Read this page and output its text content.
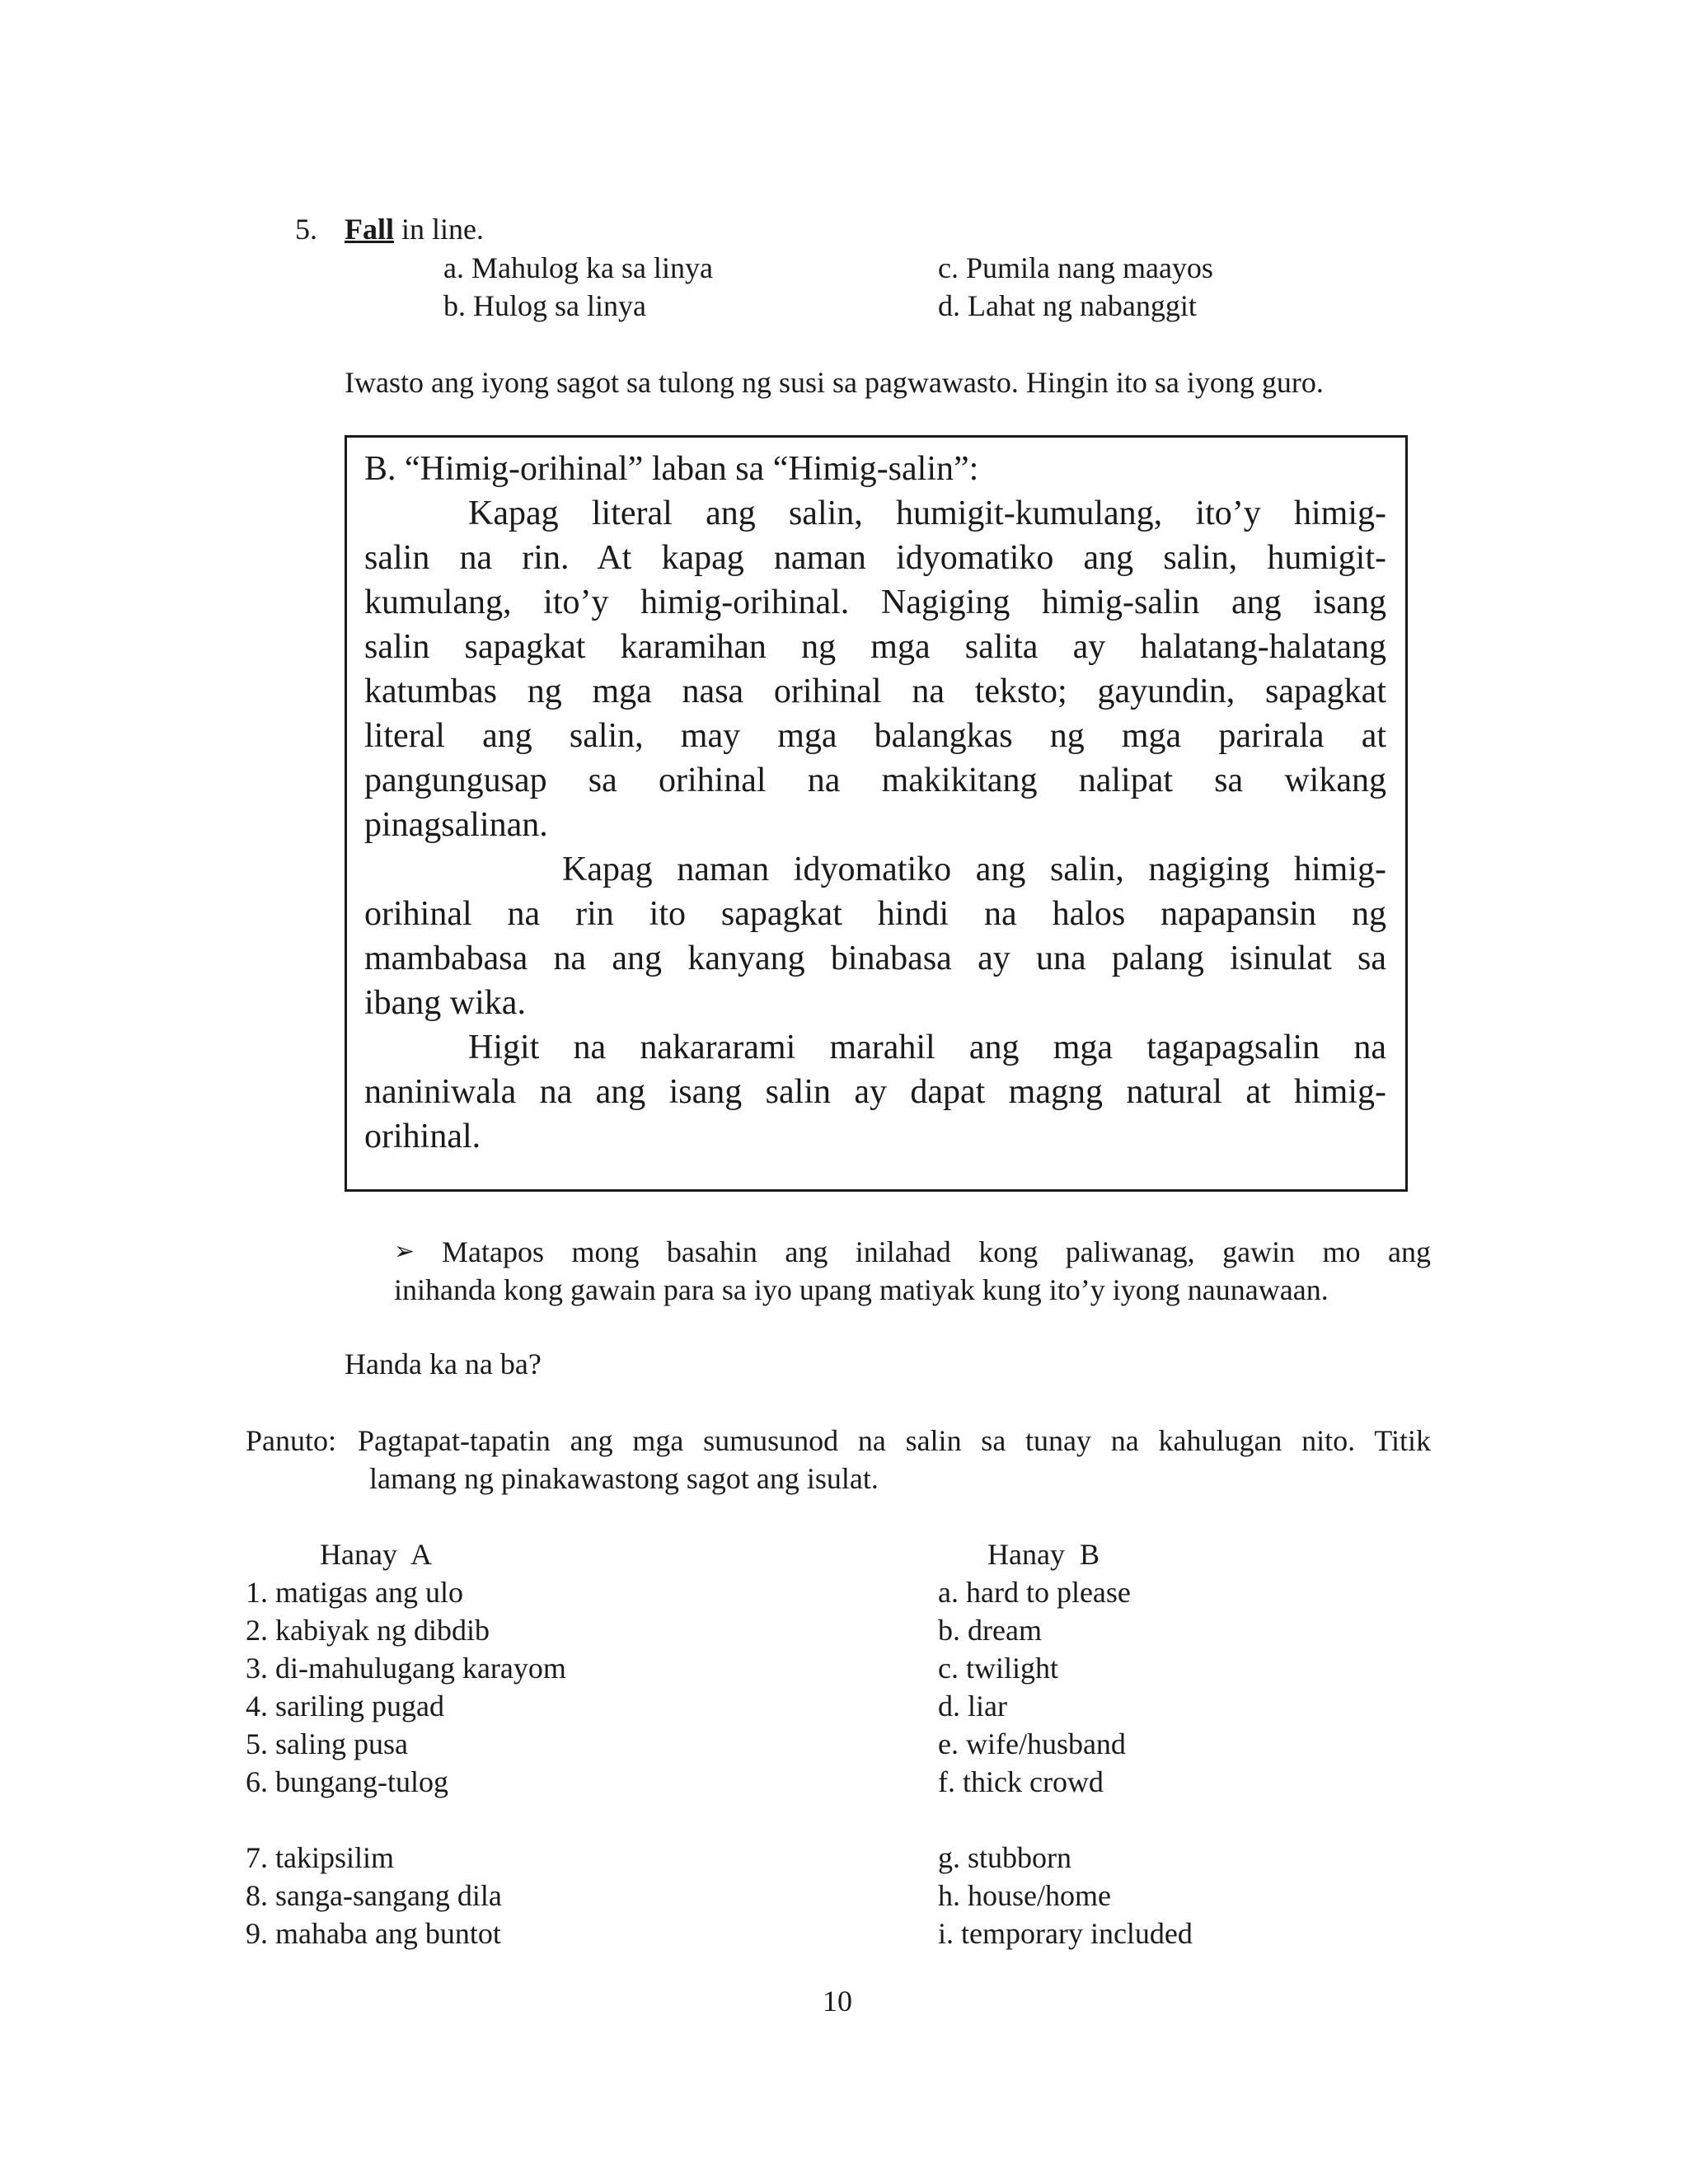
5. Fall in line.
a. Mahulog ka sa linya
b. Hulog sa linya
c. Pumila nang maayos
d. Lahat ng nabanggit
Iwasto ang iyong sagot sa tulong ng susi sa pagwawasto. Hingin ito sa iyong guro.
B. “Himig-orihinal” laban sa “Himig-salin”:
Kapag literal ang salin, humigit-kumulang, ito’y himig-
salin na rin. At kapag naman idyomatiko ang salin, humigit-
kumulang, ito’y himig-orihinal. Nagiging himig-salin ang isang
salin sapagkat karamihan ng mga salita ay halatang-halatang
katumbas ng mga nasa orihinal na teksto; gayundin, sapagkat
literal ang salin, may mga balangkas ng mga parirala at
pangungusap sa orihinal na makikitang nalipat sa wikang
pinagsalinan.
Kapag naman idyomatiko ang salin, nagiging himig-
orihinal na rin ito sapagkat hindi na halos napapansin ng
mambabasa na ang kanyang binabasa ay una palang isinulat sa
ibang wika.
Higit na nakararami marahil ang mga tagapagsalin na
naniniwala na ang isang salin ay dapat magng natural at himig-
orihinal.
➢ Matapos mong basahin ang inilahad kong paliwanag, gawin mo ang
inihanda kong gawain para sa iyo upang matiyak kung ito’y iyong naunawaan.
Handa ka na ba?
Panuto: Pagtapat-tapatin ang mga sumusunod na salin sa tunay na kahulugan nito. Titik
lamang ng pinakawastong sagot ang isulat.
Hanay  A	Hanay  B
1. matigas ang ulo
2. kabiyak ng dibdib
3. di-mahulugang karayom
4. sariling pugad
5. saling pusa
6. bungang-tulog
7. takipsilim
8. sanga-sangang dila
9. mahaba ang buntot
a. hard to please
b. dream
c. twilight
d. liar
e. wife/husband
f. thick crowd
g. stubborn
h. house/home
i. temporary included
10
